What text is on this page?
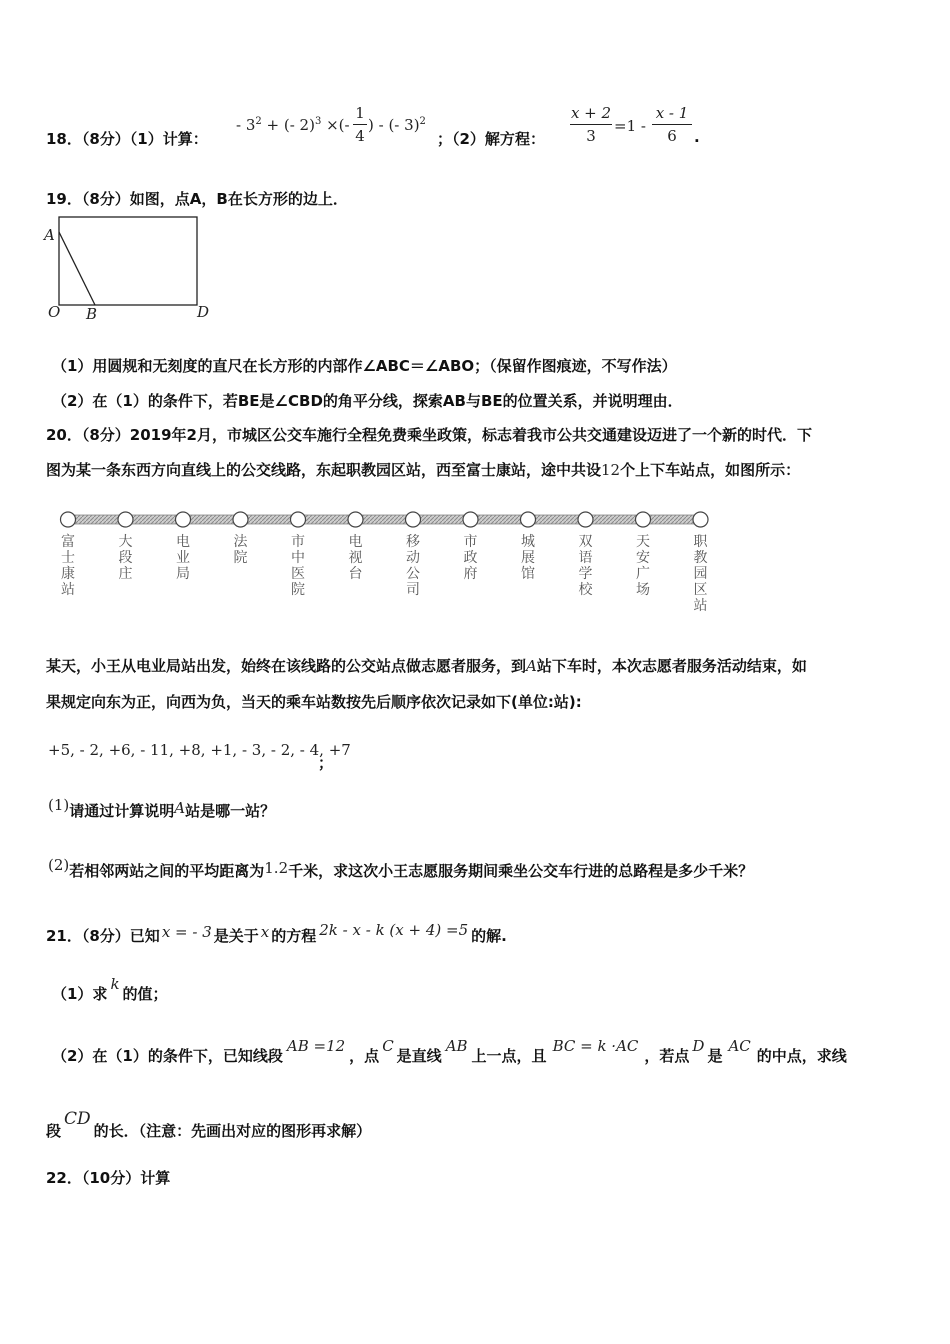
18．（8分）（1）计算：
- $3^2$ + (- 2)$^3$ ×(-
1
4
) - (- 3)$^2$
；（2）解方程：
x + 2
3
=1 -
x - 1
6	.
19．（8分）如图，点A，B在长方形的边上．
A
O B	D
（1）用圆规和无刻度的直尺在长方形的内部作∠ABC＝∠ABO；（保留作图痕迹，不写作法）
（2）在（1）的条件下，若BE是∠CBD的角平分线，探索AB与BE的位置关系，并说明理由．
20．（8分）2019年2月，市城区公交车施行全程免费乘坐政策，标志着我市公共交通建设迈进了一个新的时代．下
图为某一条东西方向直线上的公交线路，东起职教园区站，西至富士康站，途中共设12个上下车站点，如图所示：
富士康站
大段庄
电业局
法院
市中医院
电视台
移动公司
市政府
城展馆
双语学校
天安广场
职教园区站
某天，小王从电业局站出发，始终在该线路的公交站点做志愿者服务，到A站下车时，本次志愿者服务活动结束，如
果规定向东为正，向西为负，当天的乘车站数按先后顺序依次记录如下(单位:站):
+5, - 2, +6, - 11, +8, +1, - 3, - 2, - 4, +7
；
(1)请通过计算说明A站是哪一站？
(2)若相邻两站之间的平均距离为1.2千米，求这次小王志愿服务期间乘坐公交车行进的总路程是多少千米？
21．（8分）已知 x = - 3 是关于 x 的方程 2k - x - k (x + 4) =5 的解.
（1）求k的值；
（2）在（1）的条件下，已知线段AB =12，点C是直线AB上一点，且BC = k ·AC，若点D是AC的中点，求线
段CD的长．（注意：先画出对应的图形再求解）
22．（10分）计算
